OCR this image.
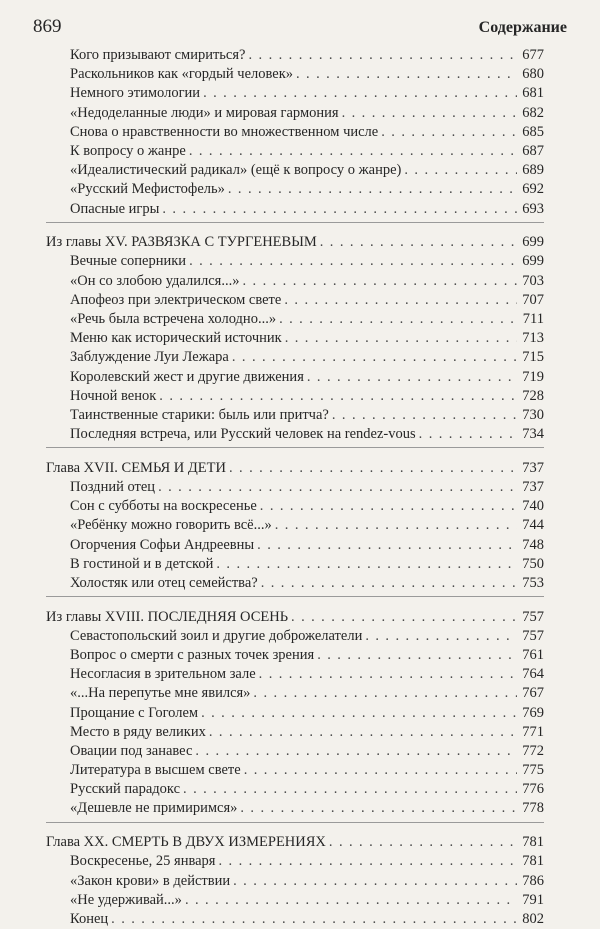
869	Содержание
Кого призывают смириться? . . .	677
Раскольников как «гордый человек» . . .	680
Немного этимологии . . .	681
«Недоделанные люди» и мировая гармония . . .	682
Снова о нравственности во множественном числе . . .	685
К вопросу о жанре . . .	687
«Идеалистический радикал» (ещё к вопросу о жанре) . . .	689
«Русский Мефистофель» . . .	692
Опасные игры . . .	693
Из главы XV. РАЗВЯЗКА С ТУРГЕНЕВЫМ . . .	699
Вечные соперники . . .	699
«Он со злобою удалился...» . . .	703
Апофеоз при электрическом свете . . .	707
«Речь была встречена холодно...» . . .	711
Меню как исторический источник . . .	713
Заблуждение Луи Лежара . . .	715
Королевский жест и другие движения . . .	719
Ночной венок . . .	728
Таинственные старики: быль или притча? . . .	730
Последняя встреча, или Русский человек на rendez-vous . . .	734
Глава XVII. СЕМЬЯ И ДЕТИ . . .	737
Поздний отец . . .	737
Сон с субботы на воскресенье . . .	740
«Ребёнку можно говорить всё...» . . .	744
Огорчения Софьи Андреевны . . .	748
В гостиной и в детской . . .	750
Холостяк или отец семейства? . . .	753
Из главы XVIII. ПОСЛЕДНЯЯ ОСЕНЬ . . .	757
Севастопольский зоил и другие доброжелатели . . .	757
Вопрос о смерти с разных точек зрения . . .	761
Несогласия в зрительном зале . . .	764
«...На перепутье мне явился» . . .	767
Прощание с Гоголем . . .	769
Место в ряду великих . . .	771
Овации под занавес . . .	772
Литература в высшем свете . . .	775
Русский парадокс . . .	776
«Дешевле не примиримся» . . .	778
Глава XX. СМЕРТЬ В ДВУХ ИЗМЕРЕНИЯХ . . .	781
Воскресенье, 25 января . . .	781
«Закон крови» в действии . . .	786
«Не удерживай...» . . .	791
Конец . . .	802
